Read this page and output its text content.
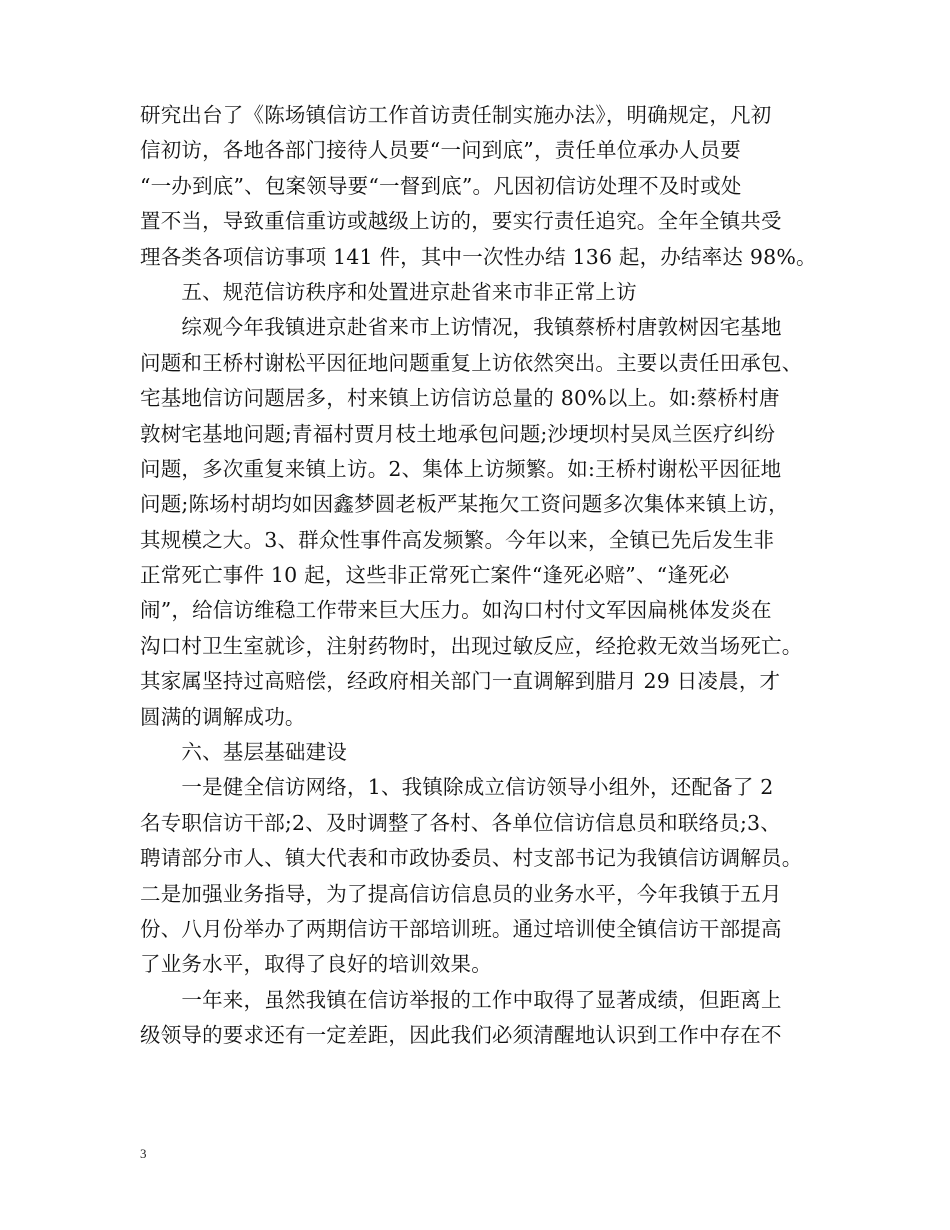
研究出台了《陈场镇信访工作首访责任制实施办法》，明确规定，凡初
信初访，各地各部门接待人员要“一问到底”，责任单位承办人员要
“一办到底”、包案领导要“一督到底”。凡因初信访处理不及时或处
置不当，导致重信重访或越级上访的，要实行责任追究。全年全镇共受
理各类各项信访事项 141 件，其中一次性办结 136 起，办结率达 98%。
　　五、规范信访秩序和处置进京赴省来市非正常上访
　　综观今年我镇进京赴省来市上访情况，我镇蔡桥村唐敦树因宅基地
问题和王桥村谢松平因征地问题重复上访依然突出。主要以责任田承包、
宅基地信访问题居多，村来镇上访信访总量的 80%以上。如:蔡桥村唐
敦树宅基地问题;青福村贾月枝土地承包问题;沙埂坝村吴凤兰医疗纠纷
问题，多次重复来镇上访。2、集体上访频繁。如:王桥村谢松平因征地
问题;陈场村胡均如因鑫梦圆老板严某拖欠工资问题多次集体来镇上访，
其规模之大。3、群众性事件高发频繁。今年以来，全镇已先后发生非
正常死亡事件 10 起，这些非正常死亡案件“逢死必赔”、“逢死必
闹”，给信访维稳工作带来巨大压力。如沟口村付文军因扁桃体发炎在
沟口村卫生室就诊，注射药物时，出现过敏反应，经抢救无效当场死亡。
其家属坚持过高赔偿，经政府相关部门一直调解到腊月 29 日凌晨，才
圆满的调解成功。
　　六、基层基础建设
　　一是健全信访网络，1、我镇除成立信访领导小组外，还配备了 2
名专职信访干部;2、及时调整了各村、各单位信访信息员和联络员;3、
聘请部分市人、镇大代表和市政协委员、村支部书记为我镇信访调解员。
二是加强业务指导，为了提高信访信息员的业务水平，今年我镇于五月
份、八月份举办了两期信访干部培训班。通过培训使全镇信访干部提高
了业务水平，取得了良好的培训效果。
　　一年来，虽然我镇在信访举报的工作中取得了显著成绩，但距离上
级领导的要求还有一定差距，因此我们必须清醒地认识到工作中存在不
3
